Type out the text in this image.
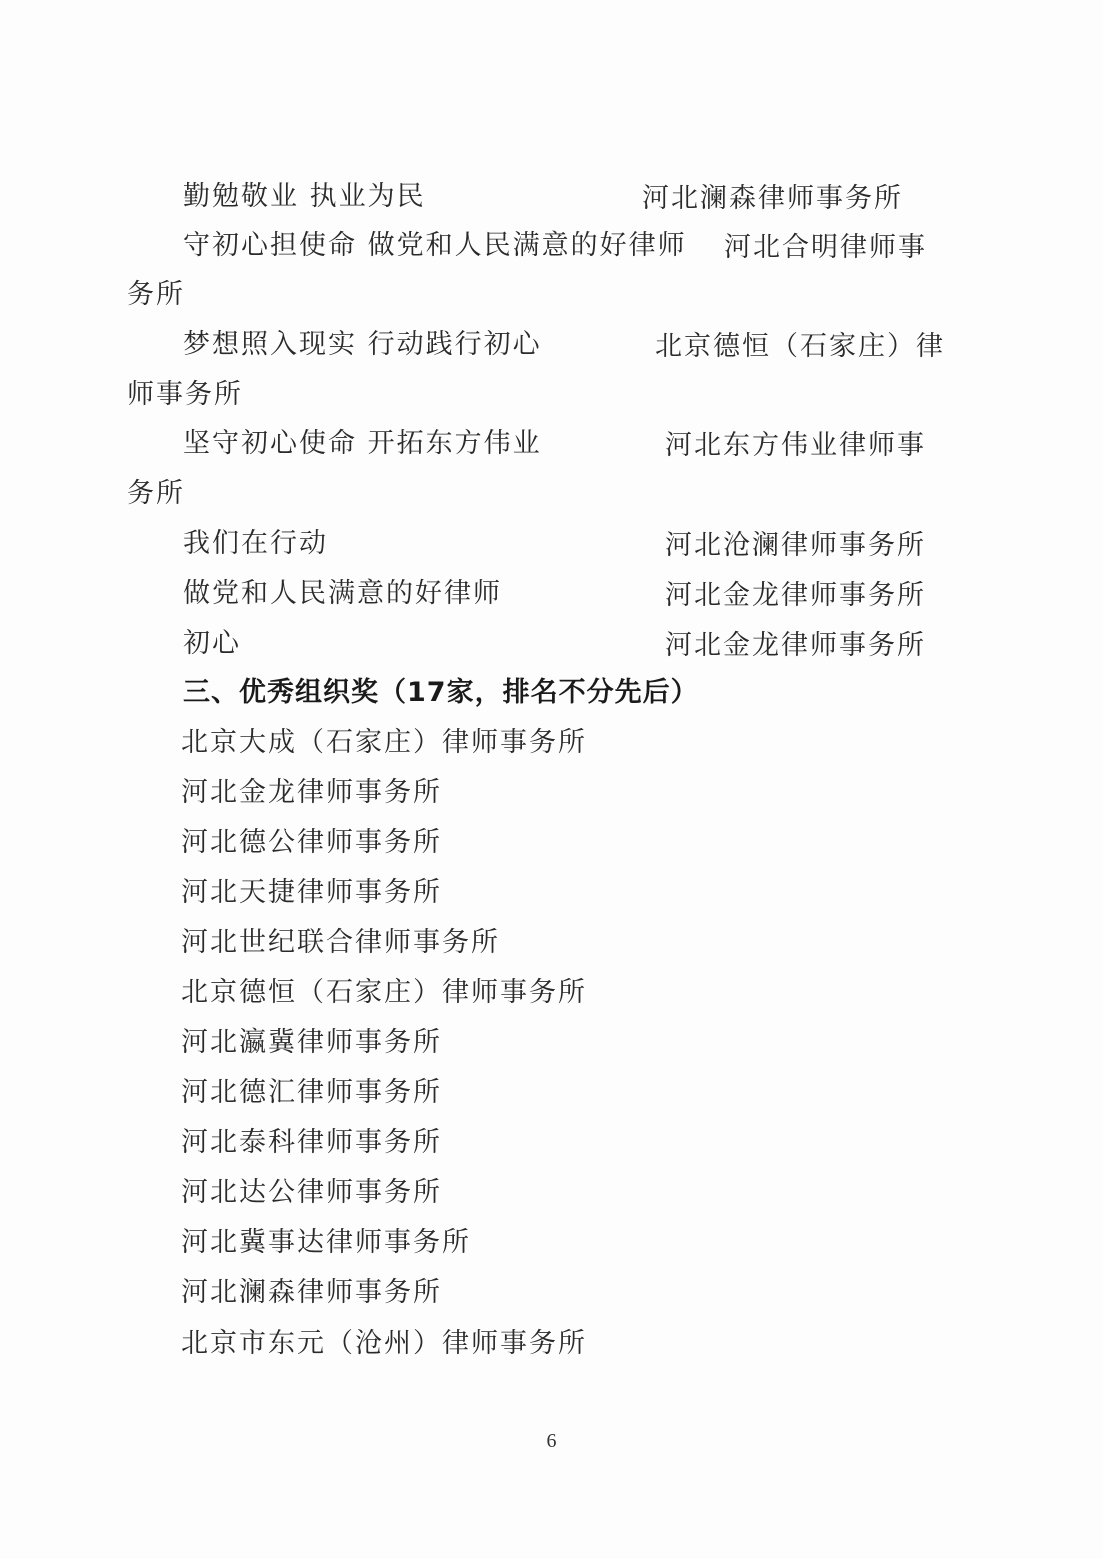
勤勉敬业 执业为民	河北澜森律师事务所
守初心担使命 做党和人民满意的好律师 河北合明律师事
务所
梦想照入现实 行动践行初心	北京德恒（石家庄）律
师事务所
坚守初心使命 开拓东方伟业	河北东方伟业律师事
务所
我们在行动	河北沧澜律师事务所
做党和人民满意的好律师	河北金龙律师事务所
初心	河北金龙律师事务所
三、优秀组织奖（17家，排名不分先后）
北京大成（石家庄）律师事务所
河北金龙律师事务所
河北德公律师事务所
河北天捷律师事务所
河北世纪联合律师事务所
北京德恒（石家庄）律师事务所
河北瀛冀律师事务所
河北德汇律师事务所
河北泰科律师事务所
河北达公律师事务所
河北冀事达律师事务所
河北澜森律师事务所
北京市东元（沧州）律师事务所
6
